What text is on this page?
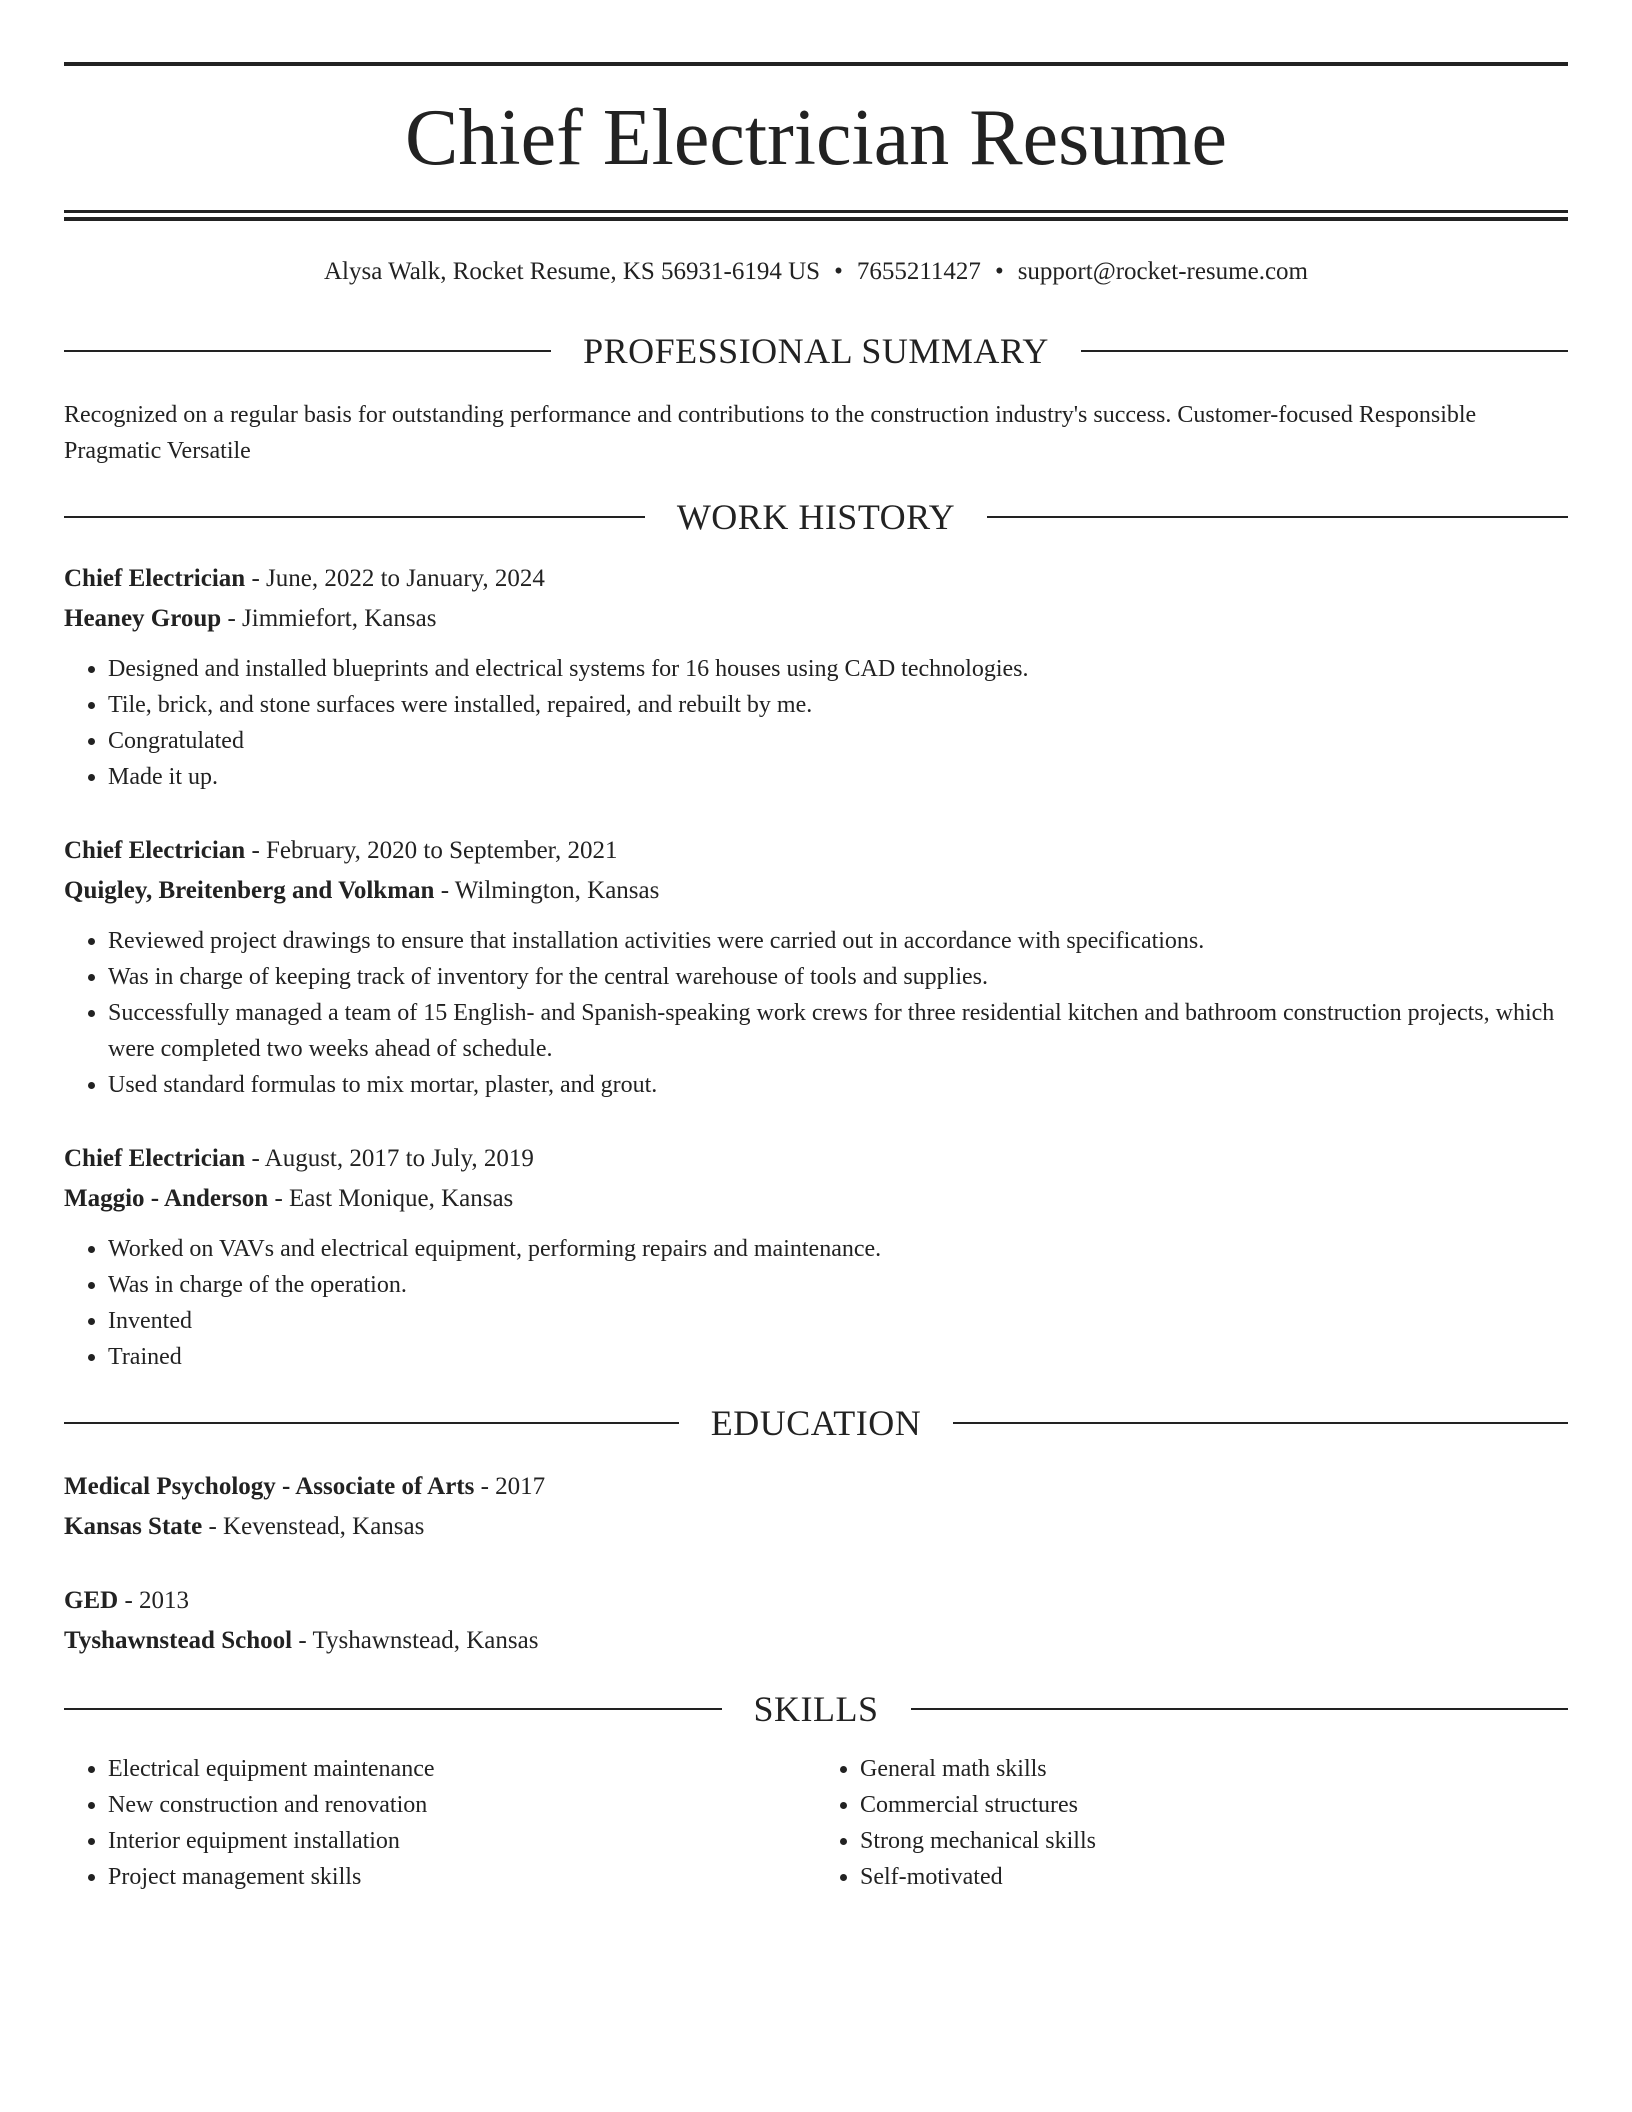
Chief Electrician Resume
Alysa Walk, Rocket Resume, KS 56931-6194 US • 7655211427 • support@rocket-resume.com
PROFESSIONAL SUMMARY

Recognized on a regular basis for outstanding performance and contributions to the construction industry's success. Customer-focused Responsible Pragmatic Versatile

WORK HISTORY
Chief Electrician - June, 2022 to January, 2024
Heaney Group - Jimmiefort, Kansas
• Designed and installed blueprints and electrical systems for 16 houses using CAD technologies.
• Tile, brick, and stone surfaces were installed, repaired, and rebuilt by me.
• Congratulated
• Made it up.
Chief Electrician - February, 2020 to September, 2021
Quigley, Breitenberg and Volkman - Wilmington, Kansas
• Reviewed project drawings to ensure that installation activities were carried out in accordance with specifications.
• Was in charge of keeping track of inventory for the central warehouse of tools and supplies.
• Successfully managed a team of 15 English- and Spanish-speaking work crews for three residential kitchen and bathroom construction projects, which were completed two weeks ahead of schedule.
• Used standard formulas to mix mortar, plaster, and grout.
Chief Electrician - August, 2017 to July, 2019
Maggio - Anderson - East Monique, Kansas
• Worked on VAVs and electrical equipment, performing repairs and maintenance.
• Was in charge of the operation.
• Invented
• Trained
EDUCATION
Medical Psychology - Associate of Arts - 2017
Kansas State - Kevenstead, Kansas
GED - 2013
Tyshawnstead School - Tyshawnstead, Kansas
SKILLS
• Electrical equipment maintenance
• New construction and renovation
• Interior equipment installation
• Project management skills
• General math skills
• Commercial structures
• Strong mechanical skills
• Self-motivated
